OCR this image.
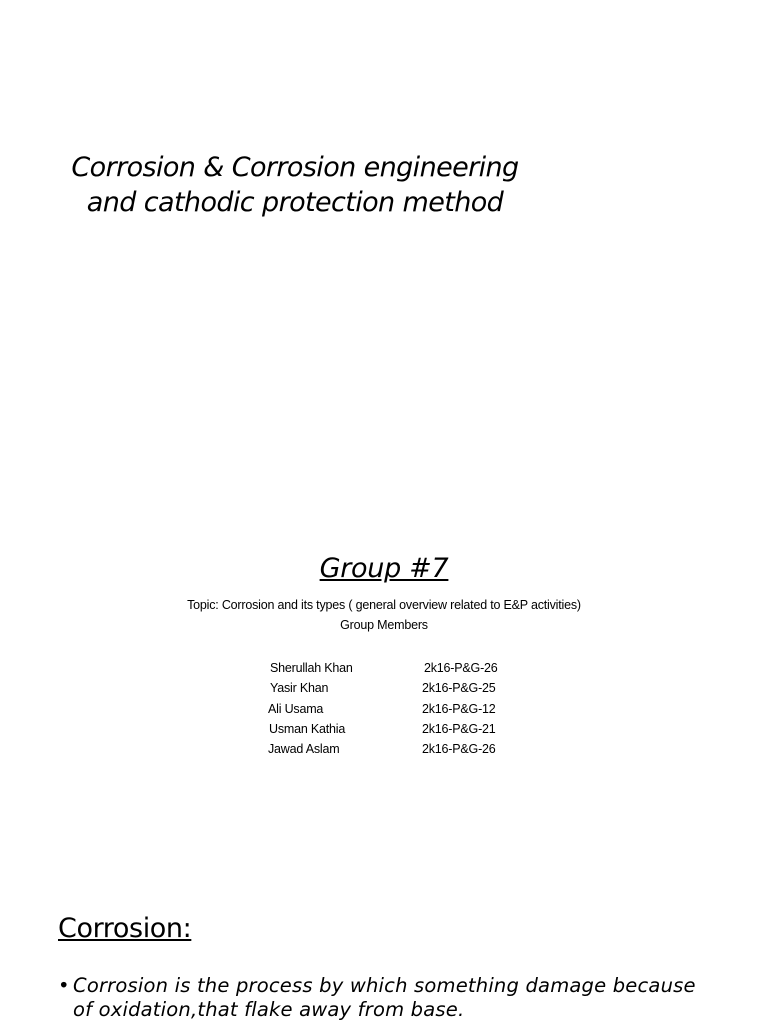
Corrosion & Corrosion engineering
and cathodic protection method
Group #7
Topic: Corrosion and its types ( general overview related to E&P activities)
Group Members
Sherullah Khan	2k16-P&G-26
Yasir Khan	2k16-P&G-25
Ali Usama	2k16-P&G-12
Usman Kathia	2k16-P&G-21
Jawad Aslam	2k16-P&G-26
Corrosion:
• Corrosion is the process by which something damage because of oxidation,that flake away from base.
